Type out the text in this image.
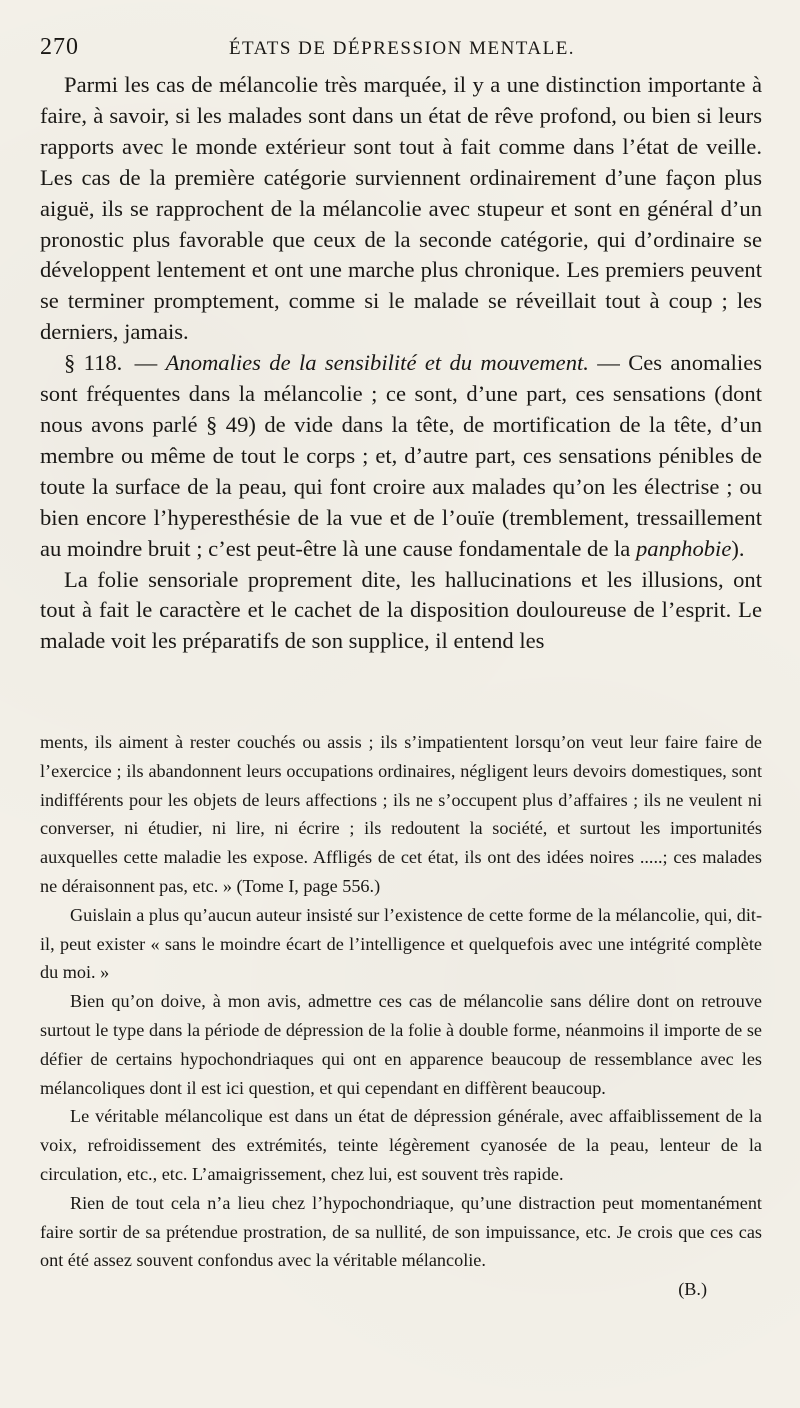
270	ÉTATS DE DÉPRESSION MENTALE.

Parmi les cas de mélancolie très marquée, il y a une distinction importante à faire, à savoir, si les malades sont dans un état de rêve profond, ou bien si leurs rapports avec le monde extérieur sont tout à fait comme dans l’état de veille. Les cas de la première catégorie surviennent ordinairement d’une façon plus aiguë, ils se rapprochent de la mélancolie avec stupeur et sont en général d’un pronostic plus favorable que ceux de la seconde catégorie, qui d’ordinaire se développent lentement et ont une marche plus chronique. Les premiers peuvent se terminer promptement, comme si le malade se réveillait tout à coup ; les derniers, jamais.

§ 118. — Anomalies de la sensibilité et du mouvement. — Ces anomalies sont fréquentes dans la mélancolie ; ce sont, d’une part, ces sensations (dont nous avons parlé § 49) de vide dans la tête, de mortification de la tête, d’un membre ou même de tout le corps ; et, d’autre part, ces sensations pénibles de toute la surface de la peau, qui font croire aux malades qu’on les électrise ; ou bien encore l’hyperesthésie de la vue et de l’ouïe (tremblement, tressaillement au moindre bruit ; c’est peut-être là une cause fondamentale de la panphobie).

La folie sensoriale proprement dite, les hallucinations et les illusions, ont tout à fait le caractère et le cachet de la disposition douloureuse de l’esprit. Le malade voit les préparatifs de son supplice, il entend les

ments, ils aiment à rester couchés ou assis ; ils s’impatientent lorsqu’on veut leur faire faire de l’exercice ; ils abandonnent leurs occupations ordinaires, négligent leurs devoirs domestiques, sont indifférents pour les objets de leurs affections ; ils ne s’occupent plus d’affaires ; ils ne veulent ni converser, ni étudier, ni lire, ni écrire ; ils redoutent la société, et surtout les importunités auxquelles cette maladie les expose. Affligés de cet état, ils ont des idées noires .....; ces malades ne déraisonnent pas, etc. » (Tome I, page 556.)

Guislain a plus qu’aucun auteur insisté sur l’existence de cette forme de la mélancolie, qui, dit-il, peut exister « sans le moindre écart de l’intelligence et quelquefois avec une intégrité complète du moi. »

Bien qu’on doive, à mon avis, admettre ces cas de mélancolie sans délire dont on retrouve surtout le type dans la période de dépression de la folie à double forme, néanmoins il importe de se défier de certains hypochondriaques qui ont en apparence beaucoup de ressemblance avec les mélancoliques dont il est ici question, et qui cependant en diffèrent beaucoup.

Le véritable mélancolique est dans un état de dépression générale, avec affaiblissement de la voix, refroidissement des extrémités, teinte légèrement cyanosée de la peau, lenteur de la circulation, etc., etc. L’amaigrissement, chez lui, est souvent très rapide.

Rien de tout cela n’a lieu chez l’hypochondriaque, qu’une distraction peut momentanément faire sortir de sa prétendue prostration, de sa nullité, de son impuissance, etc. Je crois que ces cas ont été assez souvent confondus avec la véritable mélancolie.

(B.)
